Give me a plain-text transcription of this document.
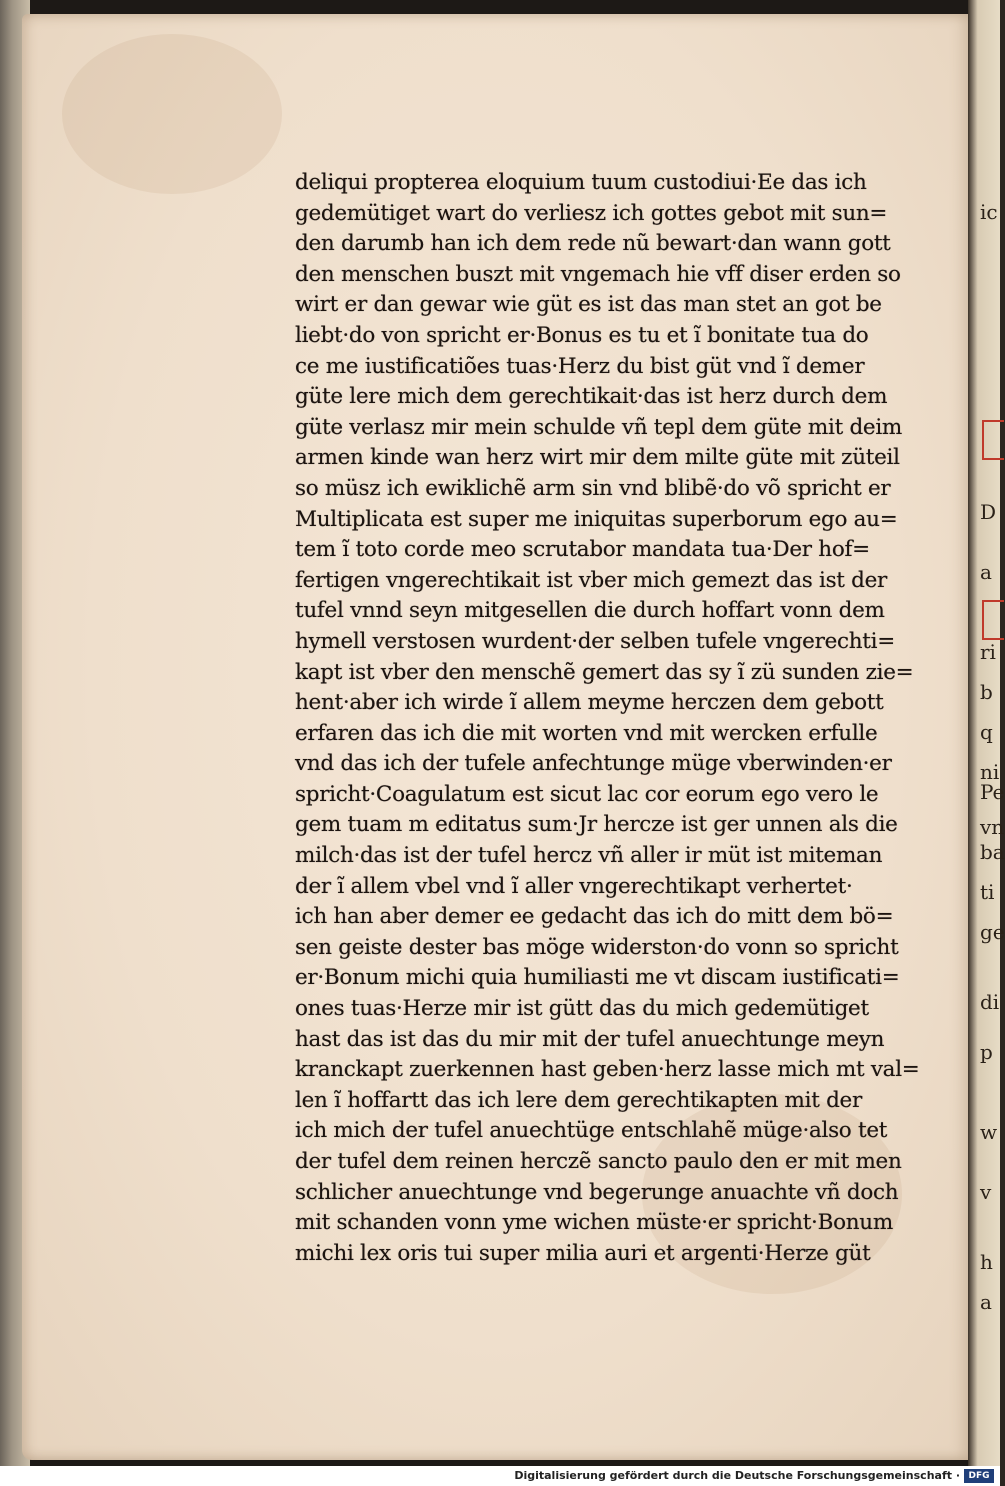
deliqui propterea eloquium tuum custodiui·Ee das ich
gedemütiget wart do verliesz ich gottes gebot mit sun=
den darumb han ich dem rede nũ bewart·dan wann gott
den menschen buszt mit vngemach hie vff diser erden so
wirt er dan gewar wie güt es ist das man stet an got be
liebt·do von spricht er·Bonus es tu et ĩ bonitate tua do
ce me iustificatiões tuas·Herz du bist güt vnd ĩ demer
güte lere mich dem gerechtikait·das ist herz durch dem
güte verlasz mir mein schulde vñ tepl dem güte mit deim
armen kinde wan herz wirt mir dem milte güte mit züteil
so müsz ich ewiklichẽ arm sin vnd blibẽ·do võ spricht er
Multiplicata est super me iniquitas superborum ego au=
tem ĩ toto corde meo scrutabor mandata tua·Der hof=
fertigen vngerechtikait ist vber mich gemezt das ist der
tufel vnnd seyn mitgesellen die durch hoffart vonn dem
hymell verstosen wurdent·der selben tufele vngerechti=
kapt ist vber den menschẽ gemert das sy ĩ zü sunden zie=
hent·aber ich wirde ĩ allem meyme herczen dem gebott
erfaren das ich die mit worten vnd mit wercken erfulle
vnd das ich der tufele anfechtunge müge vberwinden·er
spricht·Coagulatum est sicut lac cor eorum ego vero le
gem tuam m editatus sum·Jr hercze ist ger unnen als die
milch·das ist der tufel hercz vñ aller ir müt ist miteman
der ĩ allem vbel vnd ĩ aller vngerechtikapt verhertet·
ich han aber demer ee gedacht das ich do mitt dem bö=
sen geiste dester bas möge widerston·do vonn so spricht
er·Bonum michi quia humiliasti me vt discam iustificati=
ones tuas·Herze mir ist gütt das du mich gedemütiget
hast das ist das du mir mit der tufel anuechtunge meyn
kranckapt zuerkennen hast geben·herz lasse mich mt val=
len ĩ hoffartt das ich lere dem gerechtikapten mit der
ich mich der tufel anuechtüge entschlahẽ müge·also tet
der tufel dem reinen herczẽ sancto paulo den er mit men
schlicher anuechtunge vnd begerunge anuachte vñ doch
mit schanden vonn yme wichen müste·er spricht·Bonum
michi lex oris tui super milia auri et argenti·Herze güt
ic
D
a
ri
b
q
ni
Pe
vn
ba
ti
ge
di
p
w
v
h
a
Digitalisierung gefördert durch die Deutsche Forschungsgemeinschaft · DFG
